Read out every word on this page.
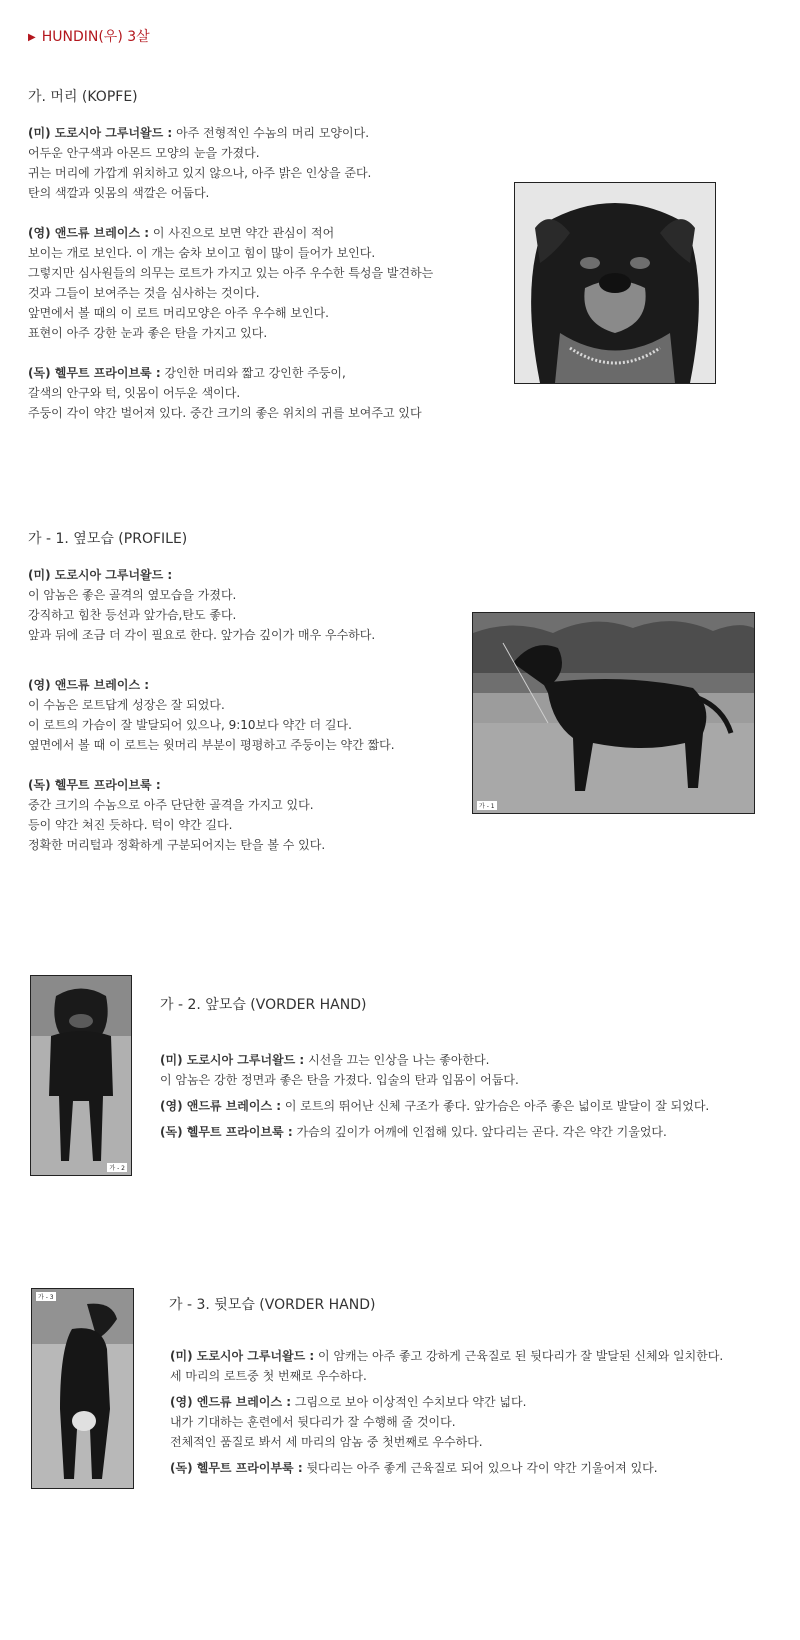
▶ HUNDIN(우) 3살
가. 머리 (KOPFE)

(미) 도로시아 그루너왈드 : 아주 전형적인 수놈의 머리 모양이다.

어두운 안구색과 아몬드 모양의 눈을 가졌다.

귀는 머리에 가깝게 위치하고 있지 않으나, 아주 밝은 인상을 준다.

탄의 색깔과 잇몸의 색깔은 어둡다.

(영) 앤드류 브레이스 : 이 사진으로 보면 약간 관심이 적어

보이는 개로 보인다. 이 개는 숨차 보이고 힘이 많이 들어가 보인다.

그렇지만 심사원들의 의무는 로트가 가지고 있는 아주 우수한 특성을 발견하는

것과 그들이 보여주는 것을 심사하는 것이다.

앞면에서 볼 때의 이 로트 머리모양은 아주 우수해 보인다.

표현이 아주 강한 눈과 좋은 탄을 가지고 있다.

(독) 헬무트 프라이브룩 : 강인한 머리와 짧고 강인한 주둥이,

갈색의 안구와 턱, 잇몸이 어두운 색이다.

주둥이 각이 약간 벌어져 있다. 중간 크기의 좋은 위치의 귀를 보여주고 있다

가 - 1. 옆모습 (PROFILE)

(미) 도로시아 그루너왈드 :

이 암놈은 좋은 골격의 옆모습을 가졌다.

강직하고 힘찬 등선과 앞가슴,탄도 좋다.

앞과 뒤에 조금 더 각이 필요로 한다. 앞가슴 깊이가 매우 우수하다.

(영) 앤드류 브레이스 :

이 수놈은 로트답게 성장은 잘 되었다.

이 로트의 가슴이 잘 발달되어 있으나, 9:10보다 약간 더 길다.

옆면에서 볼 때 이 로트는 윗머리 부분이 평평하고 주둥이는 약간 짧다.

(독) 헬무트 프라이브룩 :

중간 크기의 수놈으로 아주 단단한 골격을 가지고 있다.

등이 약간 쳐진 듯하다. 턱이 약간 길다.

정확한 머리털과 정확하게 구분되어지는 탄을 볼 수 있다.

가 - 1
가 - 2
가 - 2. 앞모습 (VORDER HAND)

(미) 도로시아 그루너왈드 : 시선을 끄는 인상을 나는 좋아한다.

이 암놈은 강한 정면과 좋은 탄을 가졌다. 입술의 탄과 입몸이 어둡다.

(영) 앤드류 브레이스 : 이 로트의 뛰어난 신체 구조가 좋다. 앞가슴은 아주 좋은 넓이로 발달이 잘 되었다.

(독) 헬무트 프라이브룩 : 가슴의 깊이가 어깨에 인접해 있다. 앞다리는 곧다. 각은 약간 기울었다.

가 - 3	가 - 3. 뒷모습 (VORDER HAND)

(미) 도로시아 그루너왈드 : 이 암캐는 아주 좋고 강하게 근육질로 된 뒷다리가 잘 발달된 신체와 일치한다.

세 마리의 로트중 첫 번째로 우수하다.

(영) 엔드류 브레이스 : 그림으로 보아 이상적인 수치보다 약간 넓다.

내가 기대하는 훈련에서 뒷다리가 잘 수행해 줄 것이다.

전체적인 품질로 봐서 세 마리의 암놈 중 첫번째로 우수하다.

(독) 헬무트 프라이부룩 : 뒷다리는 아주 좋게 근육질로 되어 있으나 각이 약간 기울어져 있다.
